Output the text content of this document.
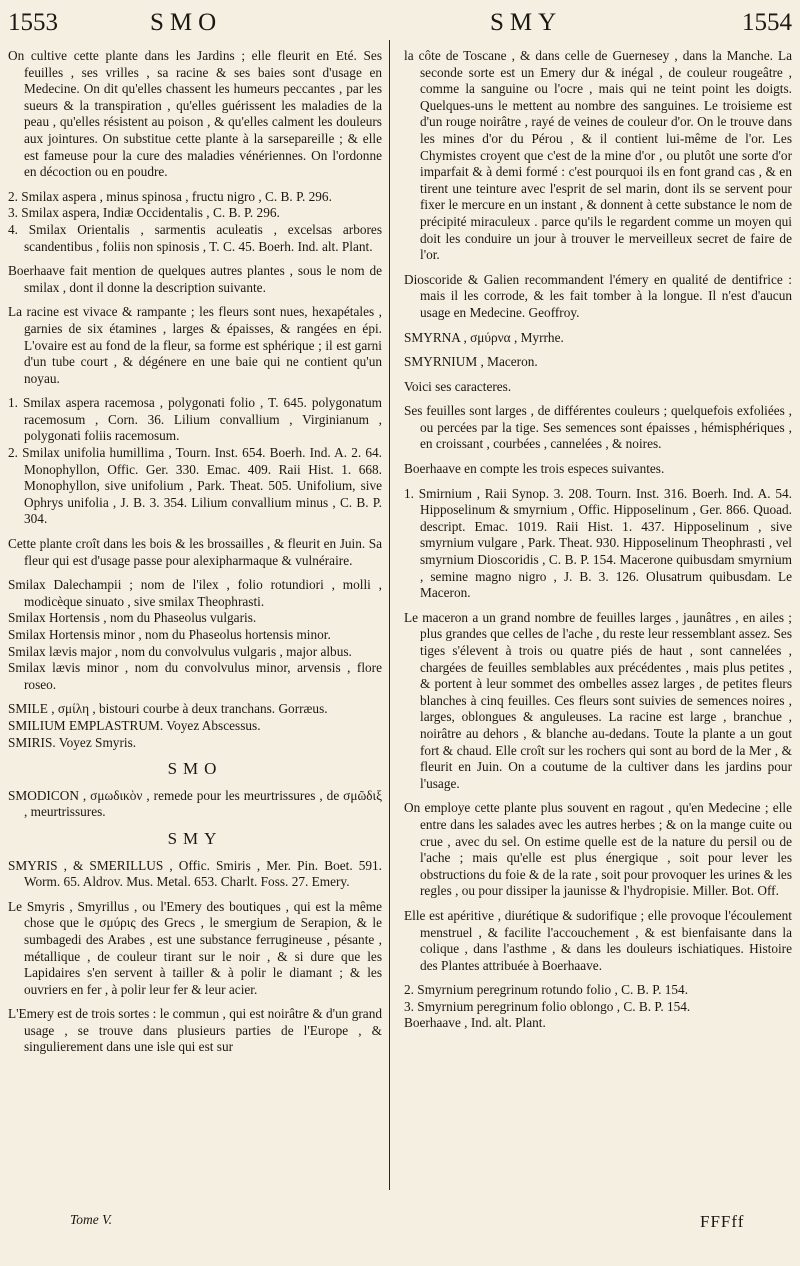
1553	SMO	SMY	1554

On cultive cette plante dans les Jardins ; elle fleurit en Eté. Ses feuilles , ses vrilles , sa racine & ses baies sont d'usage en Medecine. On dit qu'elles chassent les humeurs peccantes , par les sueurs & la transpiration , qu'elles guérissent les maladies de la peau , qu'elles résistent au poison , & qu'elles calment les douleurs aux jointures. On substitue cette plante à la sarsepareille ; & elle est fameuse pour la cure des maladies vénériennes. On l'ordonne en décoction ou en poudre.

2. Smilax aspera , minus spinosa , fructu nigro , C. B. P. 296.

3. Smilax aspera, Indiæ Occidentalis , C. B. P. 296.

4. Smilax Orientalis , sarmentis aculeatis , excelsas arbores scandentibus , foliis non spinosis , T. C. 45. Boerh. Ind. alt. Plant.

Boerhaave fait mention de quelques autres plantes , sous le nom de smilax , dont il donne la description suivante.

La racine est vivace & rampante ; les fleurs sont nues, hexapétales , garnies de six étamines , larges & épaisses, & rangées en épi. L'ovaire est au fond de la fleur, sa forme est sphérique ; il est garni d'un tube court , & dégénere en une baie qui ne contient qu'un noyau.

1. Smilax aspera racemosa , polygonati folio , T. 645. polygonatum racemosum , Corn. 36. Lilium convallium , Virginianum , polygonati foliis racemosum.

2. Smilax unifolia humillima , Tourn. Inst. 654. Boerh. Ind. A. 2. 64. Monophyllon, Offic. Ger. 330. Emac. 409. Raii Hist. 1. 668. Monophyllon, sive unifolium , Park. Theat. 505. Unifolium, sive Ophrys unifolia , J. B. 3. 354. Lilium convallium minus , C. B. P. 304.

Cette plante croît dans les bois & les brossailles , & fleurit en Juin. Sa fleur qui est d'usage passe pour alexipharmaque & vulnéraire.

Smilax Dalechampii ; nom de l'ilex , folio rotundiori , molli , modicèque sinuato , sive smilax Theophrasti.

Smilax Hortensis , nom du Phaseolus vulgaris.

Smilax Hortensis minor , nom du Phaseolus hortensis minor.

Smilax lævis major , nom du convolvulus vulgaris , major albus.

Smilax lævis minor , nom du convolvulus minor, arvensis , flore roseo.

SMILE , σμίλη , bistouri courbe à deux tranchans. Gorræus.

SMILIUM EMPLASTRUM. Voyez Abscessus.

SMIRIS. Voyez Smyris.

SMO

SMODICON , σμωδικὸν , remede pour les meurtrissures , de σμῶδιξ , meurtrissures.

SMY

SMYRIS , & SMERILLUS , Offic. Smiris , Mer. Pin. Boet. 591. Worm. 65. Aldrov. Mus. Metal. 653. Charlt. Foss. 27. Emery.

Le Smyris , Smyrillus , ou l'Emery des boutiques , qui est la même chose que le σμύρις des Grecs , le smergium de Serapion, & le sumbagedi des Arabes , est une substance ferrugineuse , pésante , métallique , de couleur tirant sur le noir , & si dure que les Lapidaires s'en servent à tailler & à polir le diamant ; & les ouvriers en fer , à polir leur fer & leur acier.

L'Emery est de trois sortes : le commun , qui est noirâtre & d'un grand usage , se trouve dans plusieurs parties de l'Europe , & singulierement dans une isle qui est sur

la côte de Toscane , & dans celle de Guernesey , dans la Manche. La seconde sorte est un Emery dur & inégal , de couleur rougeâtre , comme la sanguine ou l'ocre , mais qui ne teint point les doigts. Quelques-uns le mettent au nombre des sanguines. Le troisieme est d'un rouge noirâtre , rayé de veines de couleur d'or. On le trouve dans les mines d'or du Pérou , & il contient lui-même de l'or. Les Chymistes croyent que c'est de la mine d'or , ou plutôt une sorte d'or imparfait & à demi formé : c'est pourquoi ils en font grand cas , & en tirent une teinture avec l'esprit de sel marin, dont ils se servent pour fixer le mercure en un instant , & donnent à cette substance le nom de précipité miraculeux . parce qu'ils le regardent comme un moyen qui doit les conduire un jour à trouver le merveilleux secret de faire de l'or.

Dioscoride & Galien recommandent l'émery en qualité de dentifrice : mais il les corrode, & les fait tomber à la longue. Il n'est d'aucun usage en Medecine. Geoffroy.

SMYRNA , σμύρνα , Myrrhe.

SMYRNIUM , Maceron.

Voici ses caracteres.

Ses feuilles sont larges , de différentes couleurs ; quelquefois exfoliées , ou percées par la tige. Ses semences sont épaisses , hémisphériques , en croissant , courbées , cannelées , & noires.

Boerhaave en compte les trois especes suivantes.

1. Smirnium , Raii Synop. 3. 208. Tourn. Inst. 316. Boerh. Ind. A. 54. Hipposelinum & smyrnium , Offic. Hipposelinum , Ger. 866. Quoad. descript. Emac. 1019. Raii Hist. 1. 437. Hipposelinum , sive smyrnium vulgare , Park. Theat. 930. Hipposelinum Theophrasti , vel smyrnium Dioscoridis , C. B. P. 154. Macerone quibusdam smyrnium , semine magno nigro , J. B. 3. 126. Olusatrum quibusdam. Le Maceron.

Le maceron a un grand nombre de feuilles larges , jaunâtres , en ailes ; plus grandes que celles de l'ache , du reste leur ressemblant assez. Ses tiges s'élevent à trois ou quatre piés de haut , sont cannelées , chargées de feuilles semblables aux précédentes , mais plus petites , & portent à leur sommet des ombelles assez larges , de petites fleurs blanches à cinq feuilles. Ces fleurs sont suivies de semences noires , larges, oblongues & anguleuses. La racine est large , branchue , noirâtre au dehors , & blanche au-dedans. Toute la plante a un gout fort & chaud. Elle croît sur les rochers qui sont au bord de la Mer , & fleurit en Juin. On a coutume de la cultiver dans les jardins pour l'usage.

On employe cette plante plus souvent en ragout , qu'en Medecine ; elle entre dans les salades avec les autres herbes ; & on la mange cuite ou crue , avec du sel. On estime quelle est de la nature du persil ou de l'ache ; mais qu'elle est plus énergique , soit pour lever les obstructions du foie & de la rate , soit pour provoquer les urines & les regles , ou pour dissiper la jaunisse & l'hydropisie. Miller. Bot. Off.

Elle est apéritive , diurétique & sudorifique ; elle provoque l'écoulement menstruel , & facilite l'accouchement , & est bienfaisante dans la colique , dans l'asthme , & dans les douleurs ischiatiques. Histoire des Plantes attribuée à Boerhaave.

2. Smyrnium peregrinum rotundo folio , C. B. P. 154.

3. Smyrnium peregrinum folio oblongo , C. B. P. 154.

Boerhaave , Ind. alt. Plant.

Tome V.	FFFff
